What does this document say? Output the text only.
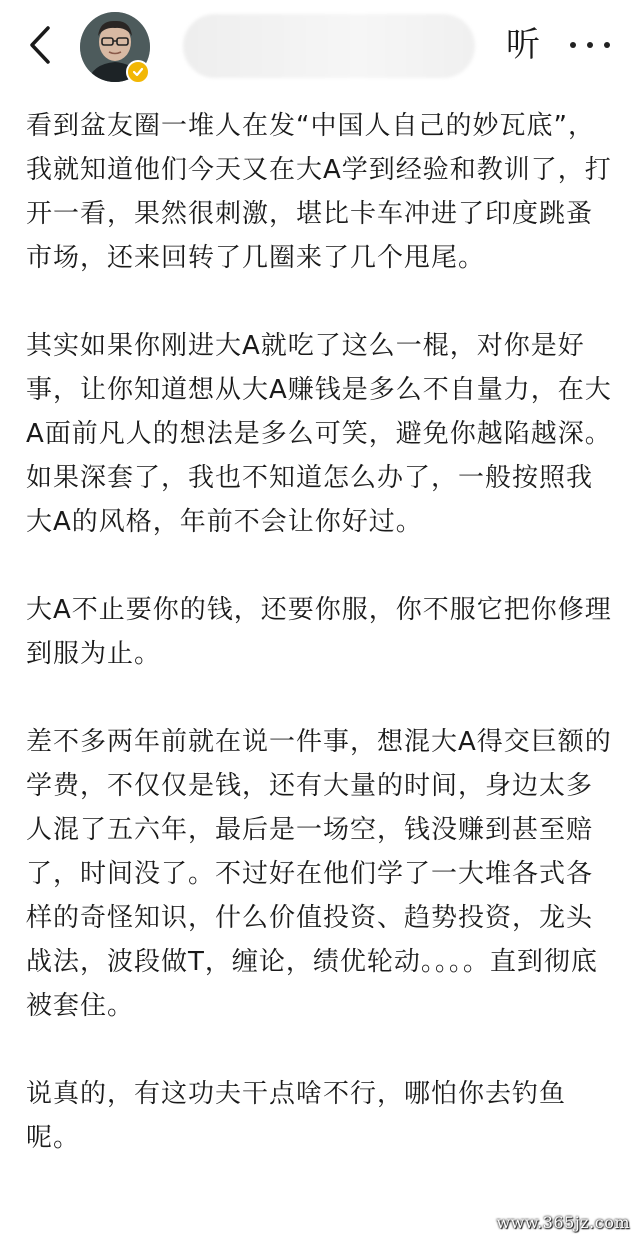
听

看到盆友圈一堆人在发“中国人自己的妙瓦底”，我就知道他们今天又在大A学到经验和教训了，打开一看，果然很刺激，堪比卡车冲进了印度跳蚤市场，还来回转了几圈来了几个甩尾。

其实如果你刚进大A就吃了这么一棍，对你是好事，让你知道想从大A赚钱是多么不自量力，在大A面前凡人的想法是多么可笑，避免你越陷越深。如果深套了，我也不知道怎么办了，一般按照我大A的风格，年前不会让你好过。

大A不止要你的钱，还要你服，你不服它把你修理到服为止。

差不多两年前就在说一件事，想混大A得交巨额的学费，不仅仅是钱，还有大量的时间，身边太多人混了五六年，最后是一场空，钱没赚到甚至赔了，时间没了。不过好在他们学了一大堆各式各样的奇怪知识，什么价值投资、趋势投资，龙头战法，波段做T，缠论，绩优轮动。。。。直到彻底被套住。

说真的，有这功夫干点啥不行，哪怕你去钓鱼呢。

www.365jz.com
